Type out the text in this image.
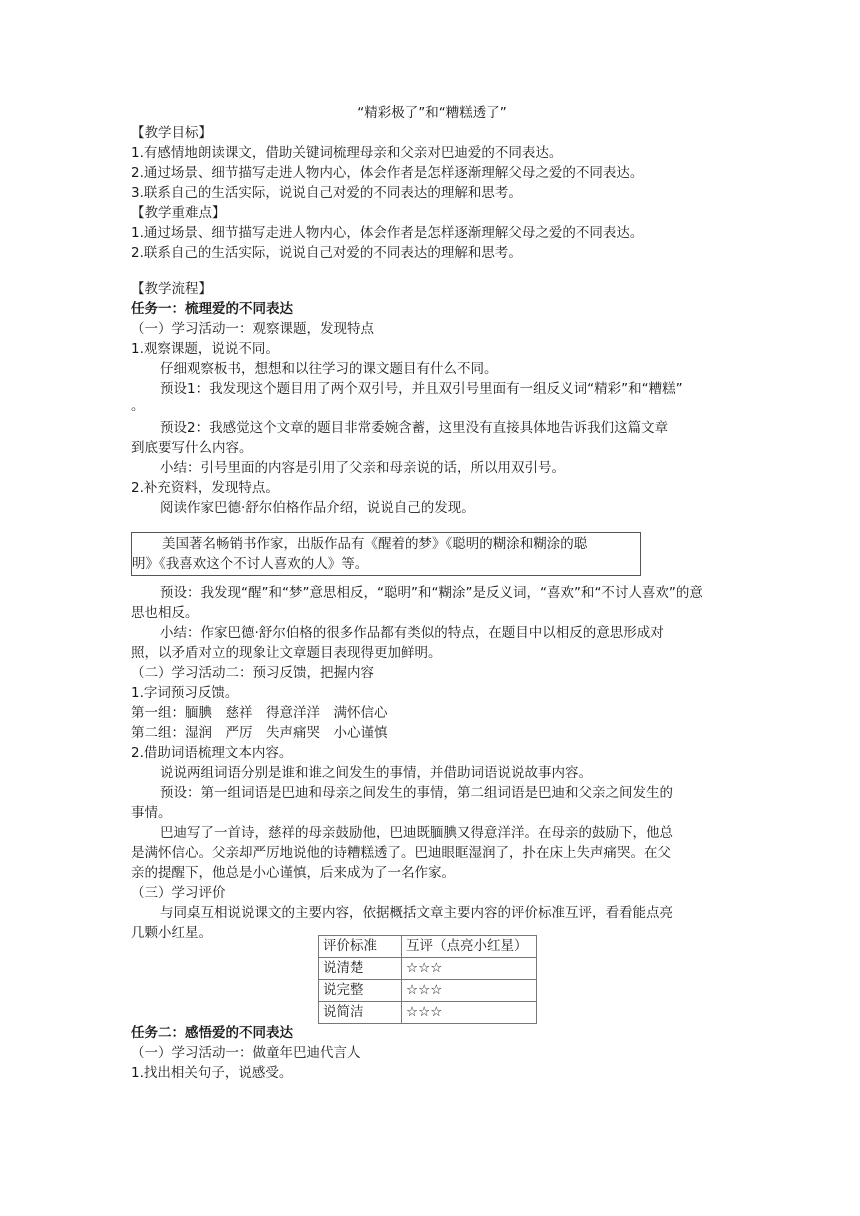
“精彩极了”和“糟糕透了”
【教学目标】
1.有感情地朗读课文，借助关键词梳理母亲和父亲对巴迪爱的不同表达。
2.通过场景、细节描写走进人物内心，体会作者是怎样逐渐理解父母之爱的不同表达。
3.联系自己的生活实际，说说自己对爱的不同表达的理解和思考。
【教学重难点】
1.通过场景、细节描写走进人物内心，体会作者是怎样逐渐理解父母之爱的不同表达。
2.联系自己的生活实际，说说自己对爱的不同表达的理解和思考。
【教学流程】
任务一：梳理爱的不同表达
（一）学习活动一：观察课题，发现特点
1.观察课题，说说不同。
仔细观察板书，想想和以往学习的课文题目有什么不同。
预设1：我发现这个题目用了两个双引号，并且双引号里面有一组反义词“精彩”和“糟糕”
。
预设2：我感觉这个文章的题目非常委婉含蓄，这里没有直接具体地告诉我们这篇文章
到底要写什么内容。
小结：引号里面的内容是引用了父亲和母亲说的话，所以用双引号。
2.补充资料，发现特点。
阅读作家巴德·舒尔伯格作品介绍，说说自己的发现。
美国著名畅销书作家，出版作品有《醒着的梦》《聪明的糊涂和糊涂的聪
明》《我喜欢这个不讨人喜欢的人》等。
预设：我发现“醒”和“梦”意思相反，“聪明”和“糊涂”是反义词，“喜欢”和“不讨人喜欢”的意
思也相反。
小结：作家巴德·舒尔伯格的很多作品都有类似的特点，在题目中以相反的意思形成对
照，以矛盾对立的现象让文章题目表现得更加鲜明。
（二）学习活动二：预习反馈，把握内容
1.字词预习反馈。
第一组：腼腆　慈祥　得意洋洋　满怀信心
第二组：湿润　严厉　失声痛哭　小心谨慎
2.借助词语梳理文本内容。
说说两组词语分别是谁和谁之间发生的事情，并借助词语说说故事内容。
预设：第一组词语是巴迪和母亲之间发生的事情，第二组词语是巴迪和父亲之间发生的
事情。
巴迪写了一首诗，慈祥的母亲鼓励他，巴迪既腼腆又得意洋洋。在母亲的鼓励下，他总
是满怀信心。父亲却严厉地说他的诗糟糕透了。巴迪眼眶湿润了，扑在床上失声痛哭。在父
亲的提醒下，他总是小心谨慎，后来成为了一名作家。
（三）学习评价
与同桌互相说说课文的主要内容，依据概括文章主要内容的评价标准互评，看看能点亮
几颗小红星。
评价标准	互评（点亮小红星）
说清楚	☆☆☆
说完整	☆☆☆
说简洁	☆☆☆
任务二：感悟爱的不同表达
（一）学习活动一：做童年巴迪代言人
1.找出相关句子，说感受。
